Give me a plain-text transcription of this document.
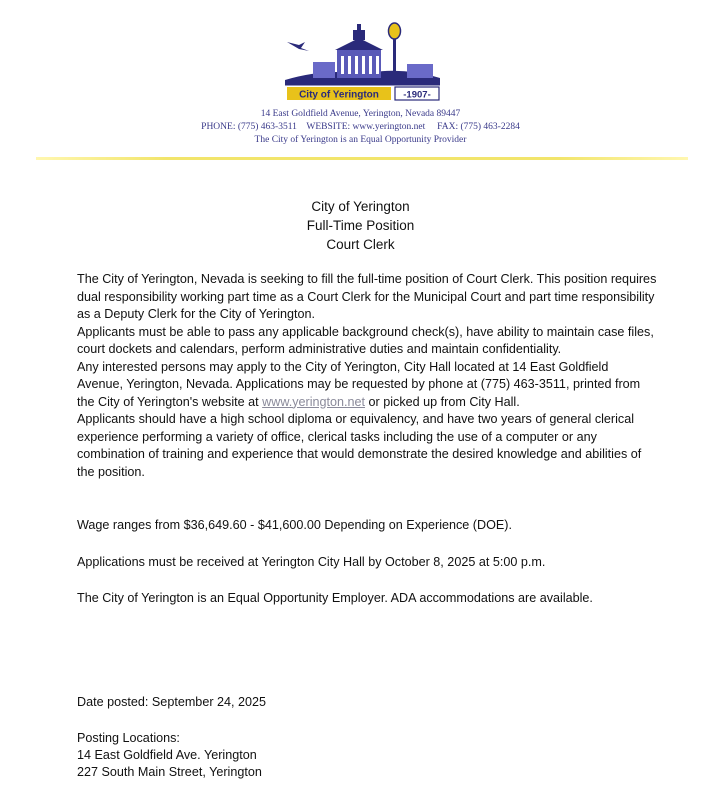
City of Yerington	-1907-
14 East Goldfield Avenue, Yerington, Nevada 89447
PHONE: (775) 463-3511 WEBSITE: www.yerington.net FAX: (775) 463-2284
The City of Yerington is an Equal Opportunity Provider
City of Yerington
Full-Time Position
Court Clerk

The City of Yerington, Nevada is seeking to fill the full-time position of Court Clerk. This position requires dual responsibility working part time as a Court Clerk for the Municipal Court and part time responsibility as a Deputy Clerk for the City of Yerington.

Applicants must be able to pass any applicable background check(s), have ability to maintain case files, court dockets and calendars, perform administrative duties and maintain confidentiality.

Any interested persons may apply to the City of Yerington, City Hall located at 14 East Goldfield Avenue, Yerington, Nevada. Applications may be requested by phone at (775) 463-3511, printed from the City of Yerington's website at www.yerington.net or picked up from City Hall.

Applicants should have a high school diploma or equivalency, and have two years of general clerical experience performing a variety of office, clerical tasks including the use of a computer or any combination of training and experience that would demonstrate the desired knowledge and abilities of the position.

Wage ranges from $36,649.60 - $41,600.00 Depending on Experience (DOE).
Applications must be received at Yerington City Hall by October 8, 2025 at 5:00 p.m.
The City of Yerington is an Equal Opportunity Employer. ADA accommodations are available.
Date posted: September 24, 2025
Posting Locations:
14 East Goldfield Ave. Yerington
227 South Main Street, Yerington
